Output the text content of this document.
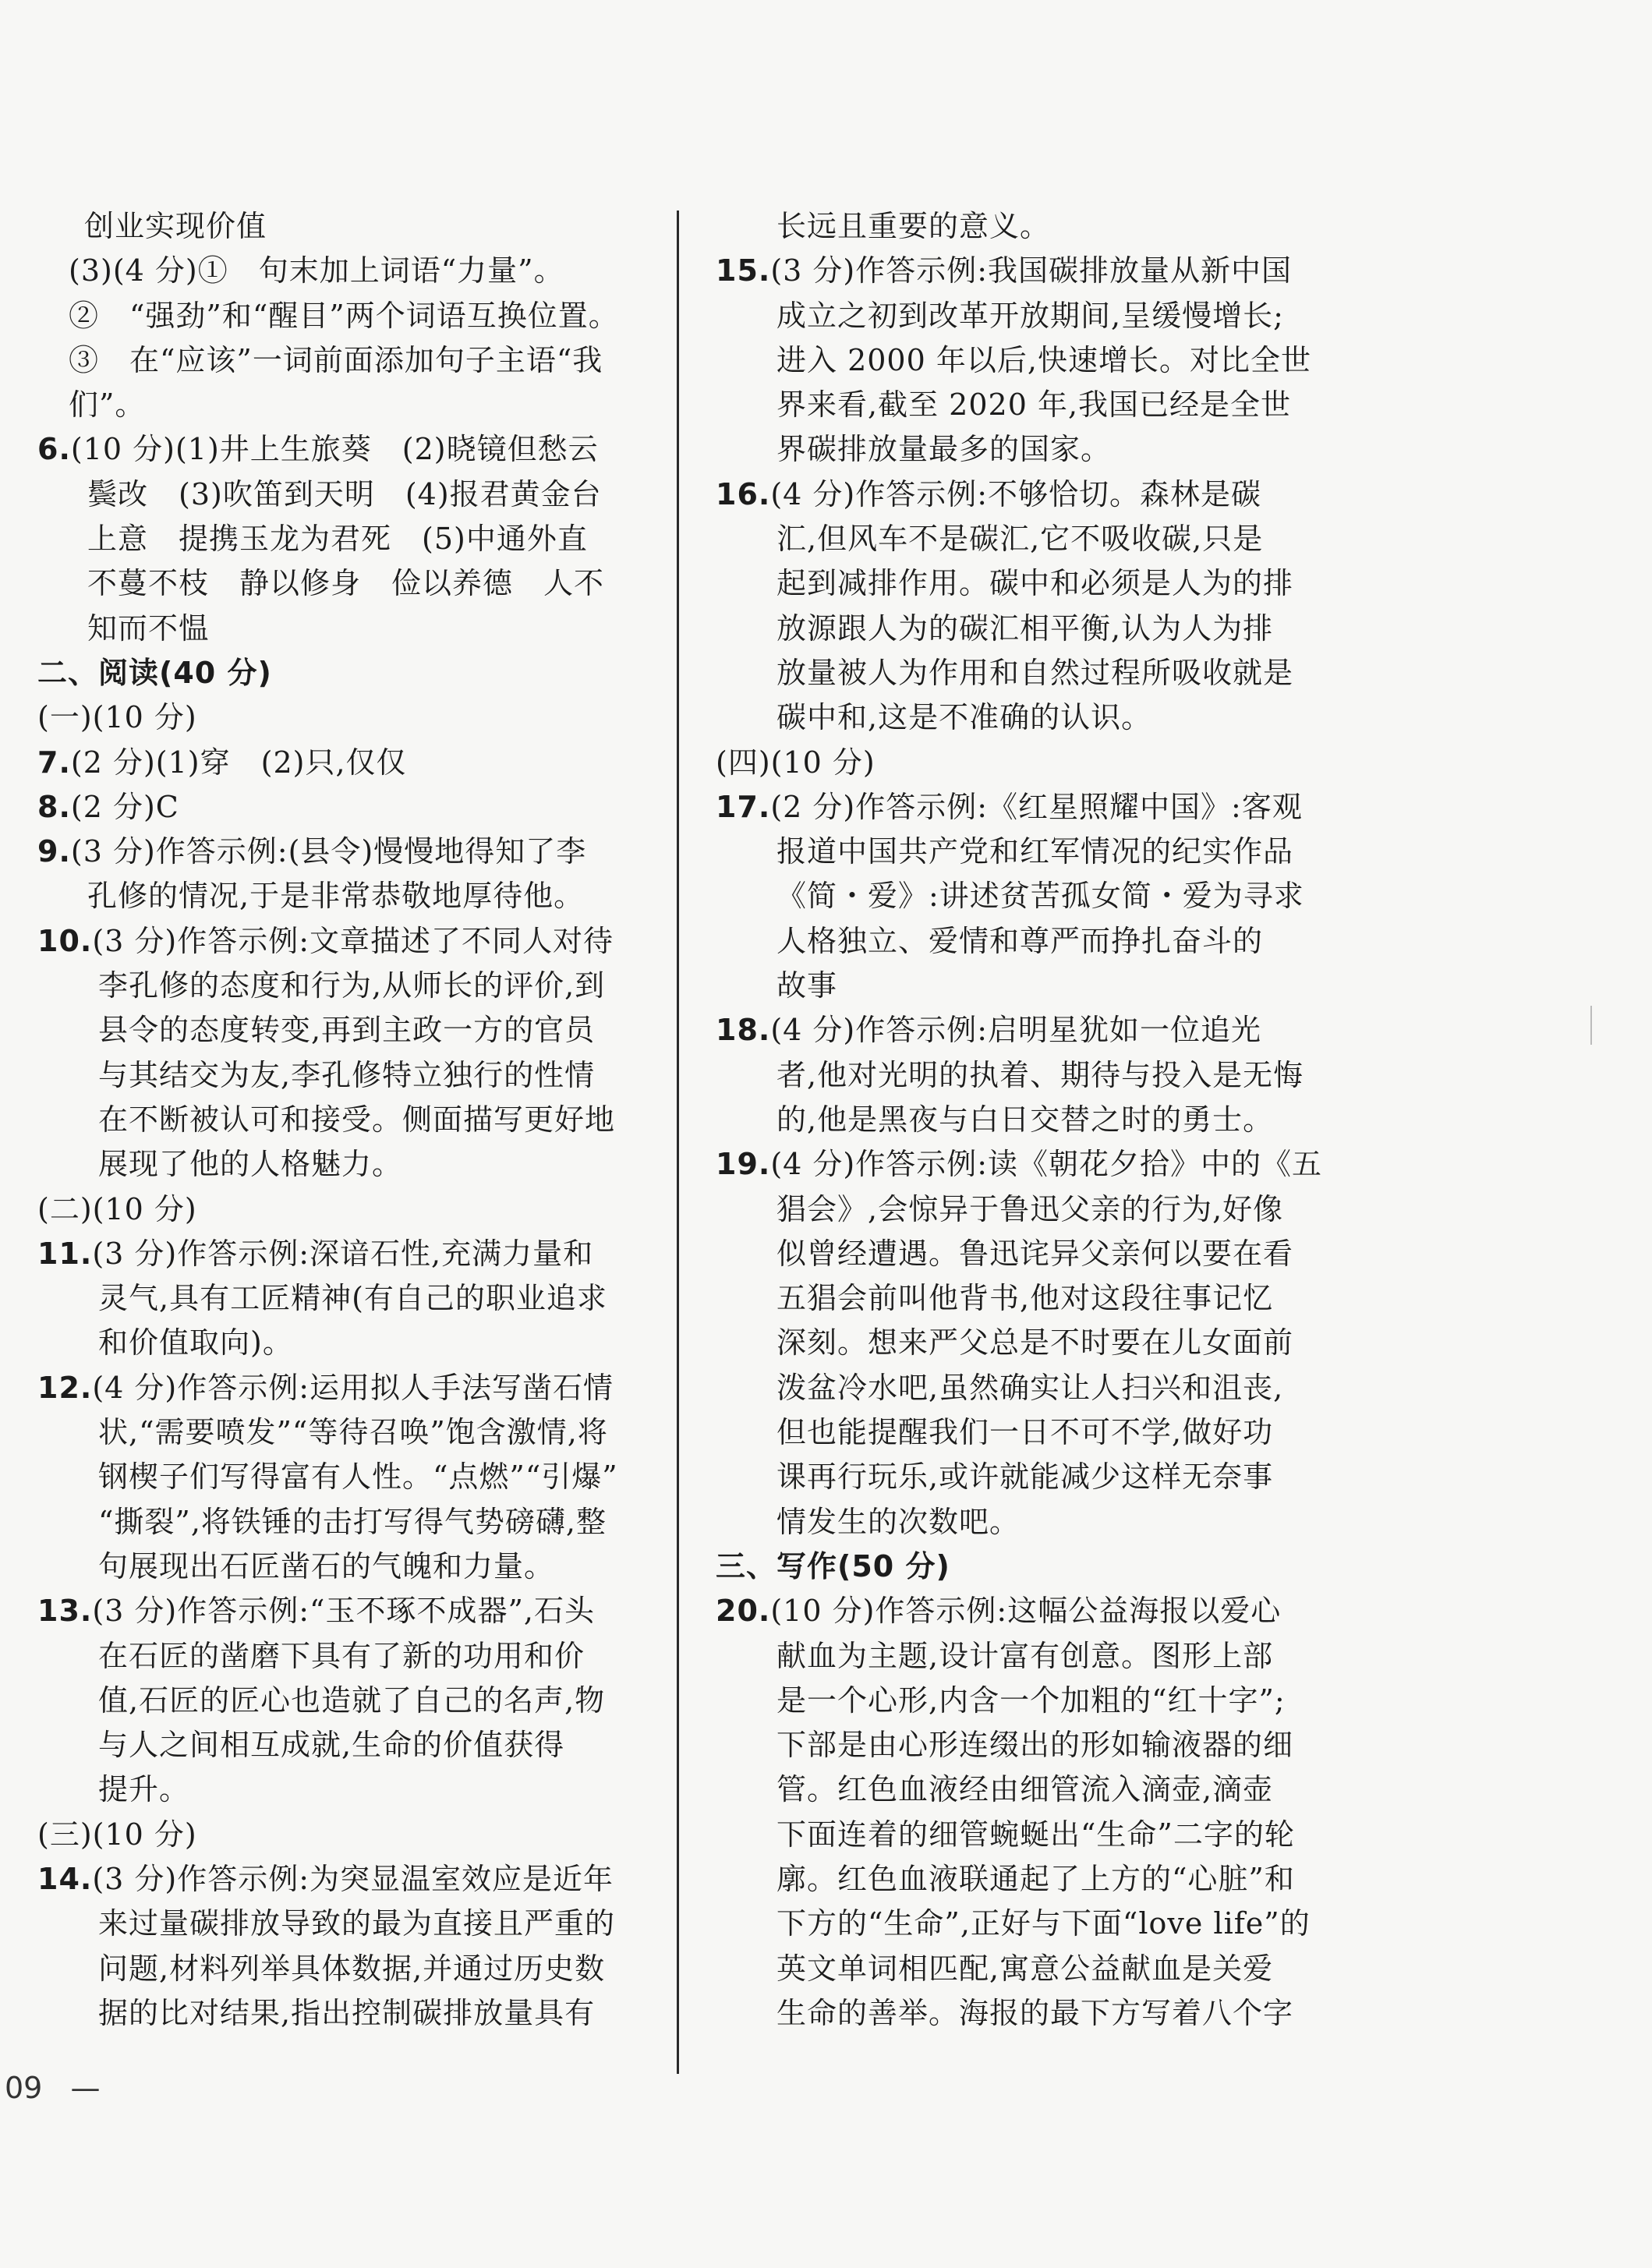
创业实现价值
(3)(4 分)①　句末加上词语“力量”。
②　“强劲”和“醒目”两个词语互换位置。
③　在“应该”一词前面添加句子主语“我
们”。
6.(10 分)(1)井上生旅葵　(2)晓镜但愁云
鬓改　(3)吹笛到天明　(4)报君黄金台
上意　提携玉龙为君死　(5)中通外直
不蔓不枝　静以修身　俭以养德　人不
知而不愠
二、阅读(40 分)
(一)(10 分)
7.(2 分)(1)穿　(2)只,仅仅
8.(2 分)C
9.(3 分)作答示例:(县令)慢慢地得知了李
孔修的情况,于是非常恭敬地厚待他。
10.(3 分)作答示例:文章描述了不同人对待
李孔修的态度和行为,从师长的评价,到
县令的态度转变,再到主政一方的官员
与其结交为友,李孔修特立独行的性情
在不断被认可和接受。侧面描写更好地
展现了他的人格魅力。
(二)(10 分)
11.(3 分)作答示例:深谙石性,充满力量和
灵气,具有工匠精神(有自己的职业追求
和价值取向)。
12.(4 分)作答示例:运用拟人手法写凿石情
状,“需要喷发”“等待召唤”饱含激情,将
钢楔子们写得富有人性。“点燃”“引爆”
“撕裂”,将铁锤的击打写得气势磅礴,整
句展现出石匠凿石的气魄和力量。
13.(3 分)作答示例:“玉不琢不成器”,石头
在石匠的凿磨下具有了新的功用和价
值,石匠的匠心也造就了自己的名声,物
与人之间相互成就,生命的价值获得
提升。
(三)(10 分)
14.(3 分)作答示例:为突显温室效应是近年
来过量碳排放导致的最为直接且严重的
问题,材料列举具体数据,并通过历史数
据的比对结果,指出控制碳排放量具有
长远且重要的意义。
15.(3 分)作答示例:我国碳排放量从新中国
成立之初到改革开放期间,呈缓慢增长;
进入 2000 年以后,快速增长。对比全世
界来看,截至 2020 年,我国已经是全世
界碳排放量最多的国家。
16.(4 分)作答示例:不够恰切。森林是碳
汇,但风车不是碳汇,它不吸收碳,只是
起到减排作用。碳中和必须是人为的排
放源跟人为的碳汇相平衡,认为人为排
放量被人为作用和自然过程所吸收就是
碳中和,这是不准确的认识。
(四)(10 分)
17.(2 分)作答示例:《红星照耀中国》:客观
报道中国共产党和红军情况的纪实作品
《简・爱》:讲述贫苦孤女简・爱为寻求
人格独立、爱情和尊严而挣扎奋斗的
故事
18.(4 分)作答示例:启明星犹如一位追光
者,他对光明的执着、期待与投入是无悔
的,他是黑夜与白日交替之时的勇士。
19.(4 分)作答示例:读《朝花夕拾》中的《五
猖会》,会惊异于鲁迅父亲的行为,好像
似曾经遭遇。鲁迅诧异父亲何以要在看
五猖会前叫他背书,他对这段往事记忆
深刻。想来严父总是不时要在儿女面前
泼盆冷水吧,虽然确实让人扫兴和沮丧,
但也能提醒我们一日不可不学,做好功
课再行玩乐,或许就能减少这样无奈事
情发生的次数吧。
三、写作(50 分)
20.(10 分)作答示例:这幅公益海报以爱心
献血为主题,设计富有创意。图形上部
是一个心形,内含一个加粗的“红十字”;
下部是由心形连缀出的形如输液器的细
管。红色血液经由细管流入滴壶,滴壶
下面连着的细管蜿蜒出“生命”二字的轮
廓。红色血液联通起了上方的“心脏”和
下方的“生命”,正好与下面“love life”的
英文单词相匹配,寓意公益献血是关爱
生命的善举。海报的最下方写着八个字
09 —
